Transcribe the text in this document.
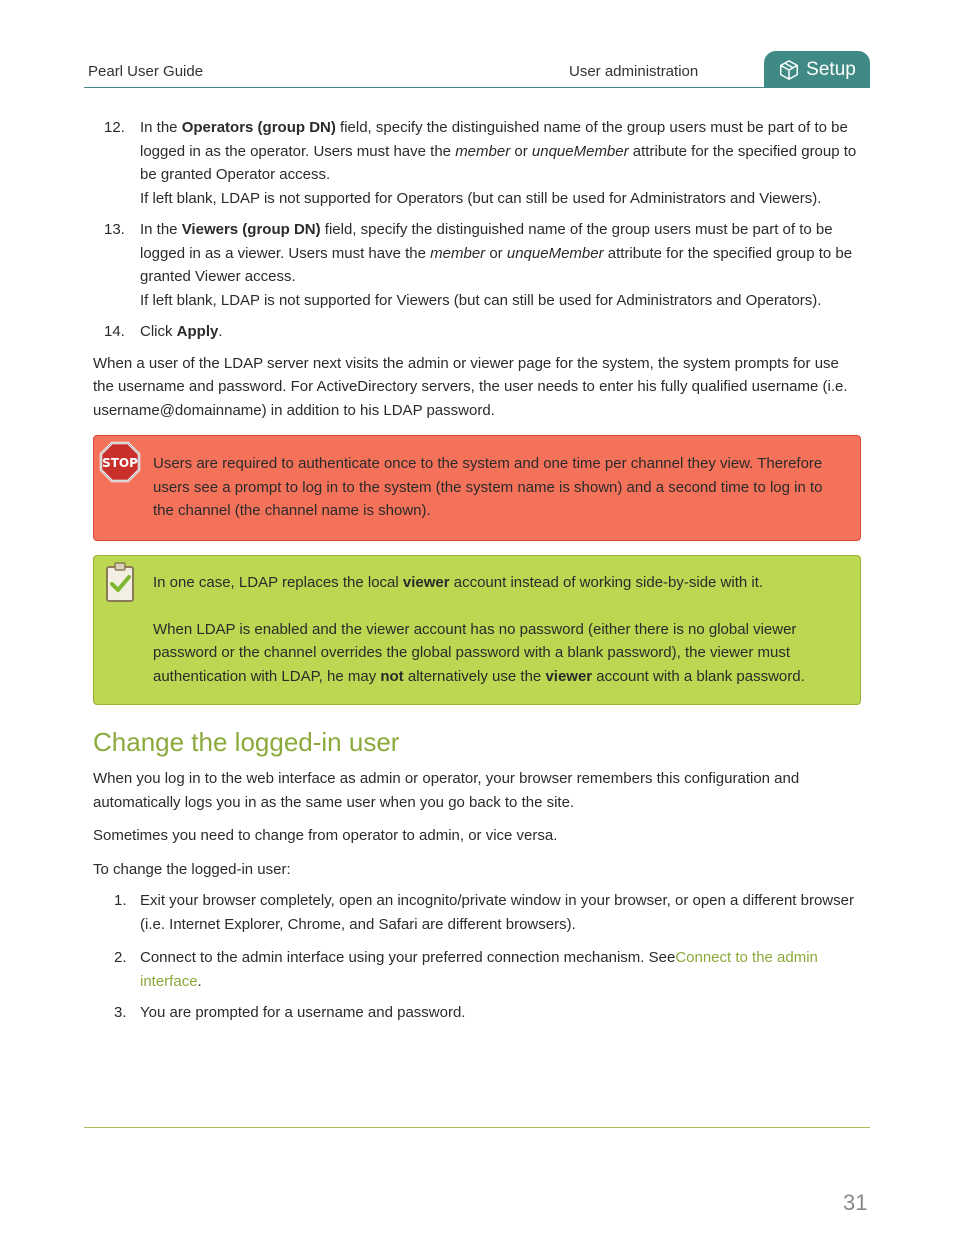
Pearl User Guide	User administration	Setup
12. In the Operators (group DN) field, specify the distinguished name of the group users must be part of to be logged in as the operator. Users must have the member or unqueMember attribute for the specified group to be granted Operator access.

If left blank, LDAP is not supported for Operators (but can still be used for Administrators and Viewers).

13. In the Viewers (group DN) field, specify the distinguished name of the group users must be part of to be logged in as a viewer. Users must have the member or unqueMember attribute for the specified group to be granted Viewer access.

If left blank, LDAP is not supported for Viewers (but can still be used for Administrators and Operators).

14. Click Apply.

When a user of the LDAP server next visits the admin or viewer page for the system, the system prompts for use the username and password. For ActiveDirectory servers, the user needs to enter his fully qualified username (i.e. username@domainname) in addition to his LDAP password.

STOP Users are required to authenticate once to the system and one time per channel they view. Therefore users see a prompt to log in to the system (the system name is shown) and a second time to log in to the channel (the channel name is shown).

In one case, LDAP replaces the local viewer account instead of working side-by-side with it.

When LDAP is enabled and the viewer account has no password (either there is no global viewer password or the channel overrides the global password with a blank password), the viewer must authentication with LDAP, he may not alternatively use the viewer account with a blank password.

Change the logged-in user

When you log in to the web interface as admin or operator, your browser remembers this configuration and automatically logs you in as the same user when you go back to the site.

Sometimes you need to change from operator to admin, or vice versa.

To change the logged-in user:

1. Exit your browser completely, open an incognito/private window in your browser, or open a different browser (i.e. Internet Explorer, Chrome, and Safari are different browsers).

2. Connect to the admin interface using your preferred connection mechanism. SeeConnect to the admin interface.

3. You are prompted for a username and password.

31
